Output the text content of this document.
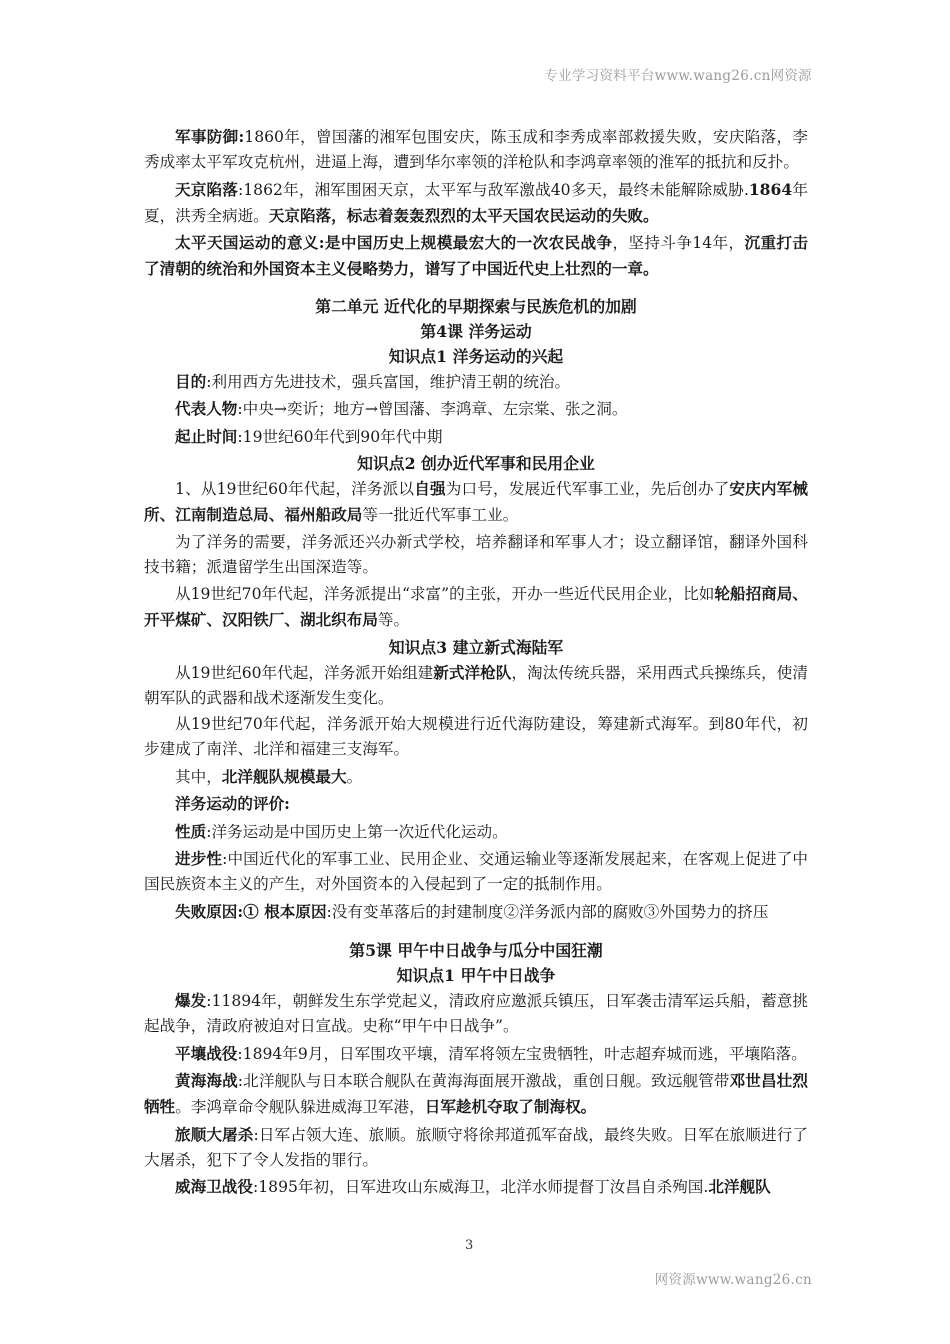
专业学习资料平台www.wang26.cn网资源

军事防御:1860年，曾国藩的湘军包围安庆，陈玉成和李秀成率部救援失败，安庆陷落，李秀成率太平军攻克杭州，进逼上海，遭到华尔率领的洋枪队和李鸿章率领的淮军的抵抗和反扑。

天京陷落:1862年，湘军围困天京，太平军与敌军激战40多天，最终未能解除威胁.1864年夏，洪秀全病逝。天京陷落，标志着轰轰烈烈的太平天国农民运动的失败。

太平天国运动的意义:是中国历史上规模最宏大的一次农民战争，坚持斗争14年，沉重打击了清朝的统治和外国资本主义侵略势力，谱写了中国近代史上壮烈的一章。

第二单元 近代化的早期探索与民族危机的加剧
第4课 洋务运动
知识点1 洋务运动的兴起

目的:利用西方先进技术，强兵富国，维护清王朝的统治。

代表人物:中央→奕䜣；地方→曾国藩、李鸿章、左宗棠、张之洞。

起止时间:19世纪60年代到90年代中期

知识点2 创办近代军事和民用企业

1、从19世纪60年代起，洋务派以自强为口号，发展近代军事工业，先后创办了安庆内军械所、江南制造总局、福州船政局等一批近代军事工业。

为了洋务的需要，洋务派还兴办新式学校，培养翻译和军事人才；设立翻译馆，翻译外国科技书籍；派遣留学生出国深造等。

从19世纪70年代起，洋务派提出“求富”的主张，开办一些近代民用企业，比如轮船招商局、开平煤矿、汉阳铁厂、湖北织布局等。

知识点3 建立新式海陆军

从19世纪60年代起，洋务派开始组建新式洋枪队，淘汰传统兵器，采用西式兵操练兵，使清朝军队的武器和战术逐渐发生变化。

从19世纪70年代起，洋务派开始大规模进行近代海防建设，筹建新式海军。到80年代，初步建成了南洋、北洋和福建三支海军。

其中，北洋舰队规模最大。

洋务运动的评价:

性质:洋务运动是中国历史上第一次近代化运动。

进步性:中国近代化的军事工业、民用企业、交通运输业等逐渐发展起来，在客观上促进了中国民族资本主义的产生，对外国资本的入侵起到了一定的抵制作用。

失败原因:① 根本原因:没有变革落后的封建制度②洋务派内部的腐败③外国势力的挤压

第5课 甲午中日战争与瓜分中国狂潮
知识点1 甲午中日战争

爆发:11894年，朝鲜发生东学党起义，清政府应邀派兵镇压，日军袭击清军运兵船，蓄意挑起战争，清政府被迫对日宣战。史称“甲午中日战争”。

平壤战役:1894年9月，日军围攻平壤，清军将领左宝贵牺牲，叶志超弃城而逃，平壤陷落。

黄海海战:北洋舰队与日本联合舰队在黄海海面展开激战，重创日舰。致远舰管带邓世昌壮烈牺牲。李鸿章命令舰队躲进威海卫军港，日军趁机夺取了制海权。

旅顺大屠杀:日军占领大连、旅顺。旅顺守将徐邦道孤军奋战，最终失败。日军在旅顺进行了大屠杀，犯下了令人发指的罪行。

威海卫战役:1895年初，日军进攻山东威海卫，北洋水师提督丁汝昌自杀殉国.北洋舰队

3
网资源www.wang26.cn
